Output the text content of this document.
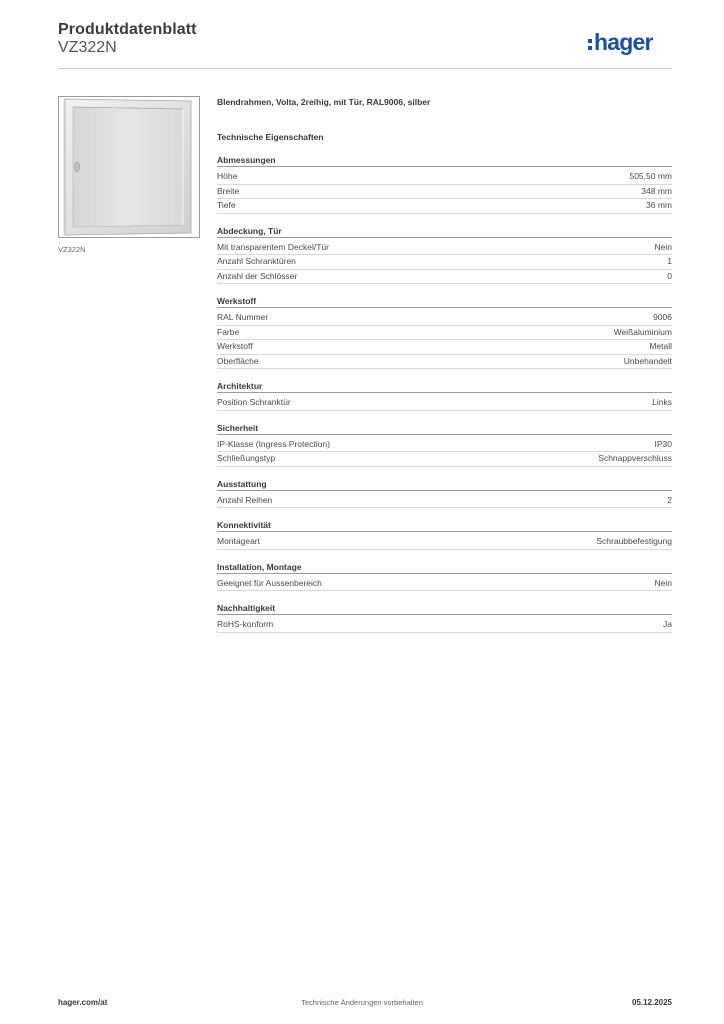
Produktdatenblatt
VZ322N	hager
VZ322N
Blendrahmen, Volta, 2reihig, mit Tür, RAL9006, silber
Technische Eigenschaften
Abmessungen
Höhe	505,50 mm
Breite	348 mm
Tiefe	36 mm
Abdeckung, Tür
Mit transparentem Deckel/Tür	Nein
Anzahl Schranktüren	1
Anzahl der Schlösser	0
Werkstoff
RAL Nummer	9006
Farbe	Weißaluminium
Werkstoff	Metall
Oberfläche	Unbehandelt
Architektur
Position Schranktür	Links
Sicherheit
IP-Klasse (Ingress Protection)	IP30
Schließungstyp	Schnappverschluss
Ausstattung
Anzahl Reihen	2
Konnektivität
Montageart	Schraubbefestigung
Installation, Montage
Geeignet für Aussenbereich	Nein
Nachhaltigkeit
RoHS-konform	Ja
hager.com/at	Technische Änderungen vorbehalten	05.12.2025
